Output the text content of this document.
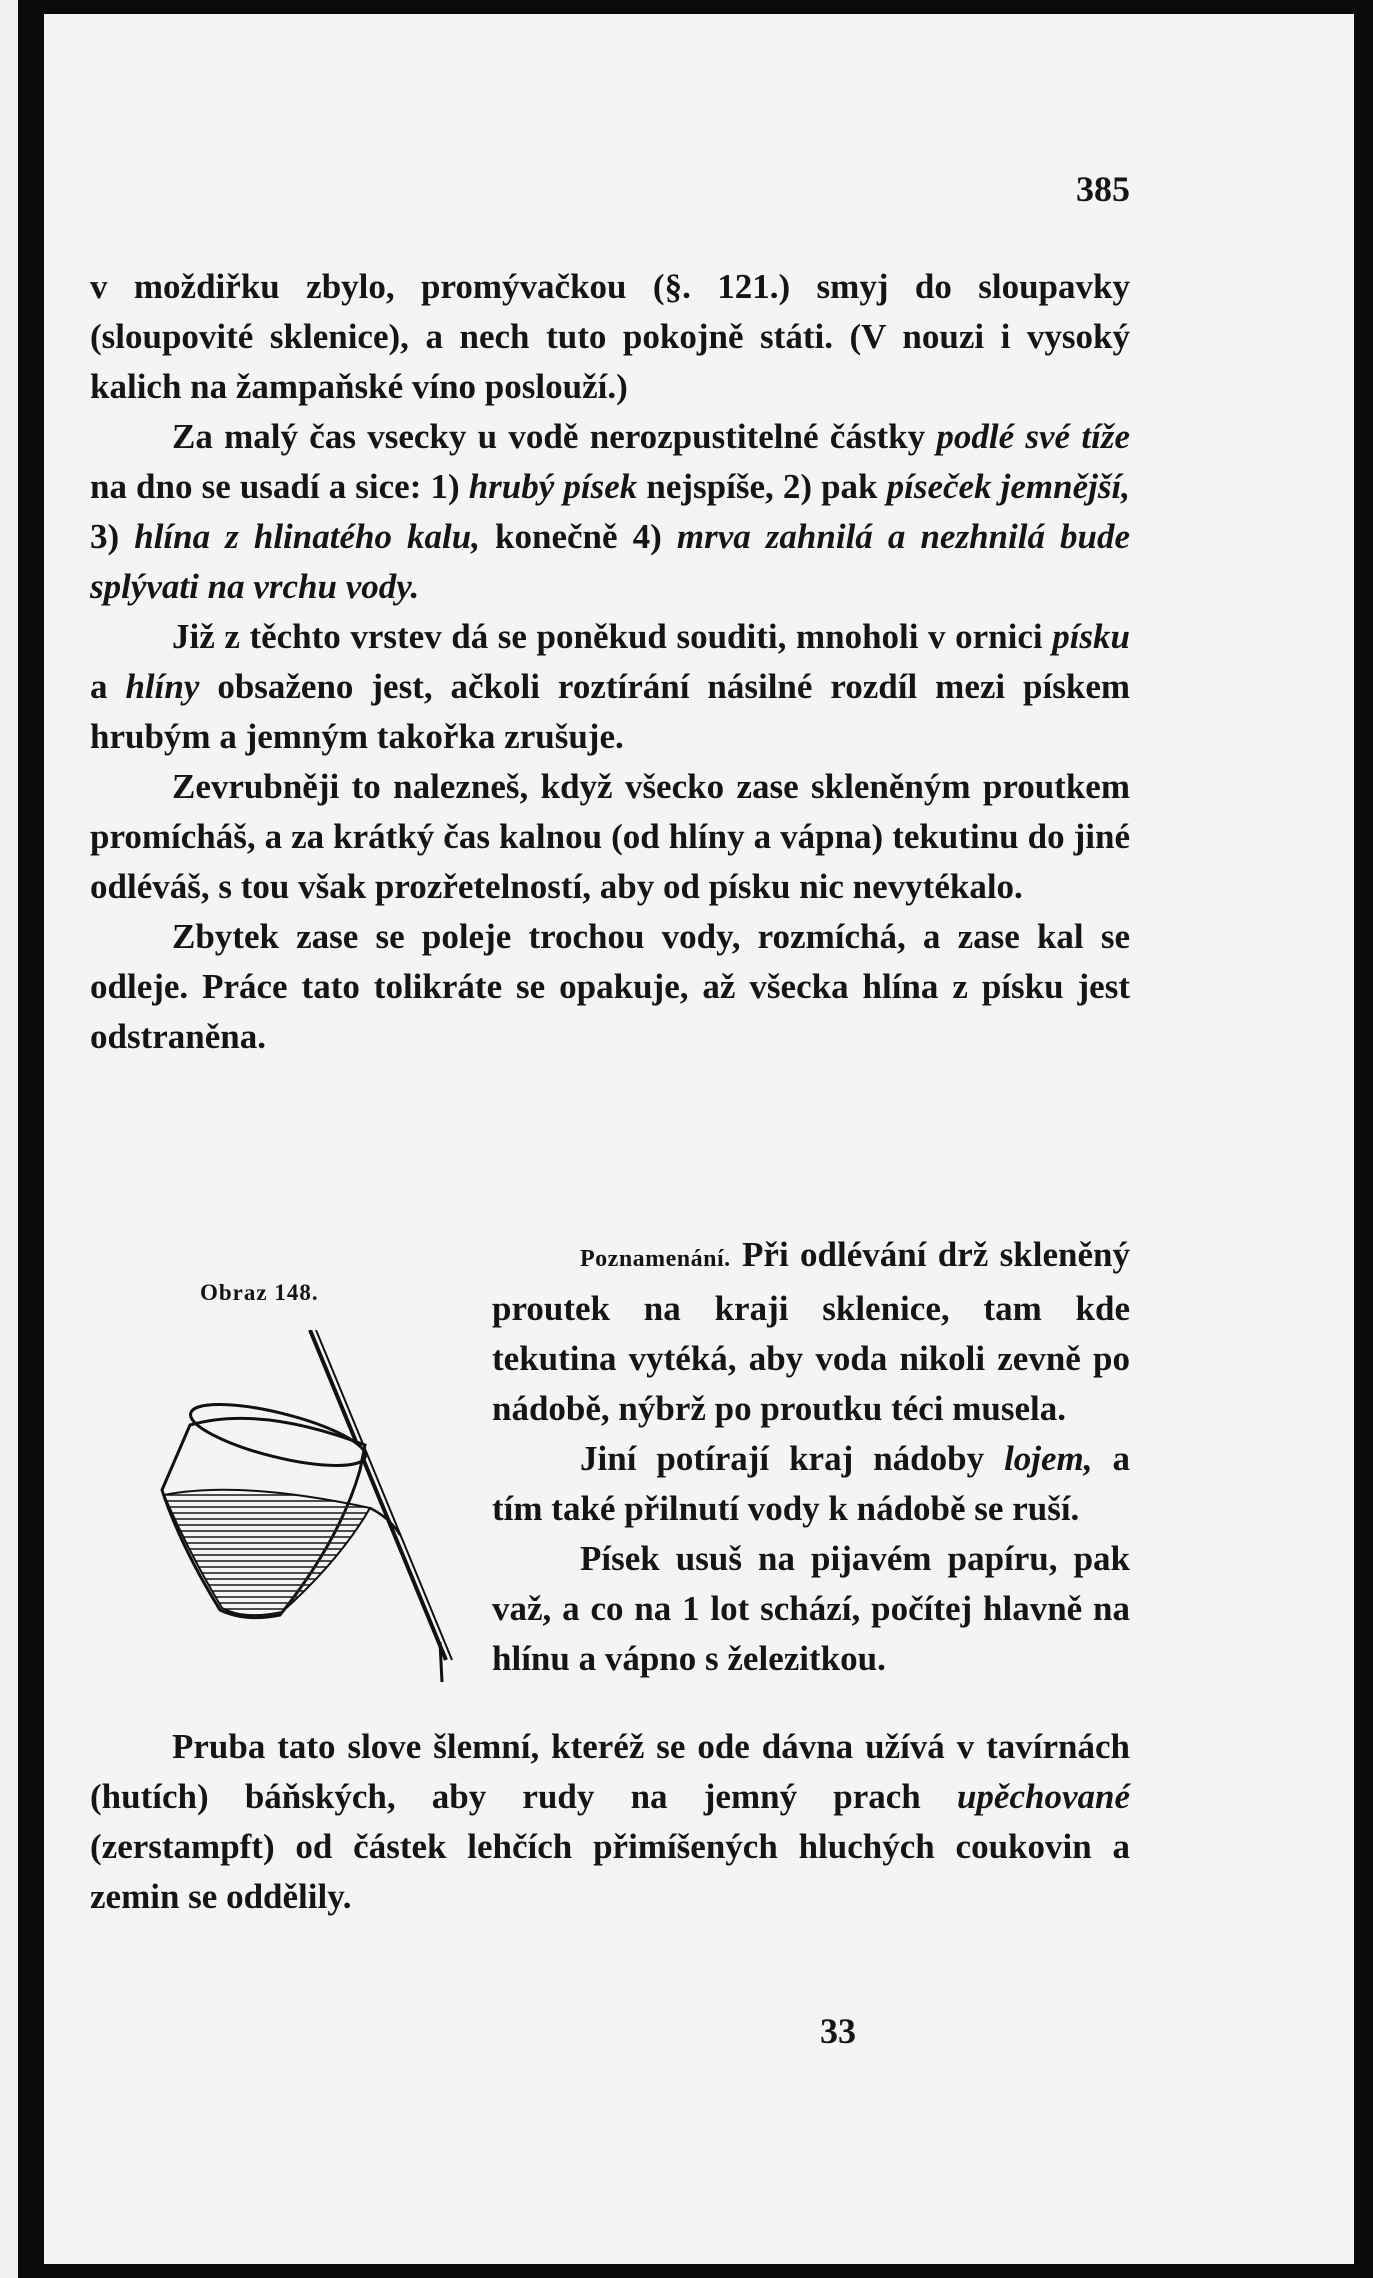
385

v moždiřku zbylo, promývačkou (§. 121.) smyj do sloupavky (sloupovité sklenice), a nech tuto pokojně státi. (V nouzi i vysoký kalich na žampaňské víno poslouží.)

Za malý čas vsecky u vodě nerozpustitelné částky podlé své tíže na dno se usadí a sice: 1) hrubý písek nejspíše, 2) pak píseček jemnější, 3) hlína z hlinatého kalu, konečně 4) mrva zahnilá a nezhnilá bude splývati na vrchu vody.

Již z těchto vrstev dá se poněkud souditi, mnoholi v ornici písku a hlíny obsaženo jest, ačkoli roztírání násilné rozdíl mezi pískem hrubým a jemným takořka zrušuje.

Zevrubněji to nalezneš, když všecko zase skleněným proutkem promícháš, a za krátký čas kalnou (od hlíny a vápna) tekutinu do jiné odléváš, s tou však prozřetelností, aby od písku nic nevytékalo.

Zbytek zase se poleje trochou vody, rozmíchá, a zase kal se odleje. Práce tato tolikráte se opakuje, až všecka hlína z písku jest odstraněna.

Obraz 148.

Poznamenání. Při odlévání drž skleněný proutek na kraji sklenice, tam kde tekutina vytéká, aby voda nikoli zevně po nádobě, nýbrž po proutku téci musela.

Jiní potírají kraj nádoby lojem, a tím také přilnutí vody k nádobě se ruší.

Písek usuš na pijavém papíru, pak važ, a co na 1 lot schází, počítej hlavně na hlínu a vápno s železitkou.

Pruba tato slove šlemní, kteréž se ode dávna užívá v tavírnách (hutích) báňských, aby rudy na jemný prach upěchované (zerstampft) od částek lehčích přimíšených hluchých coukovin a zemin se oddělily.

33
